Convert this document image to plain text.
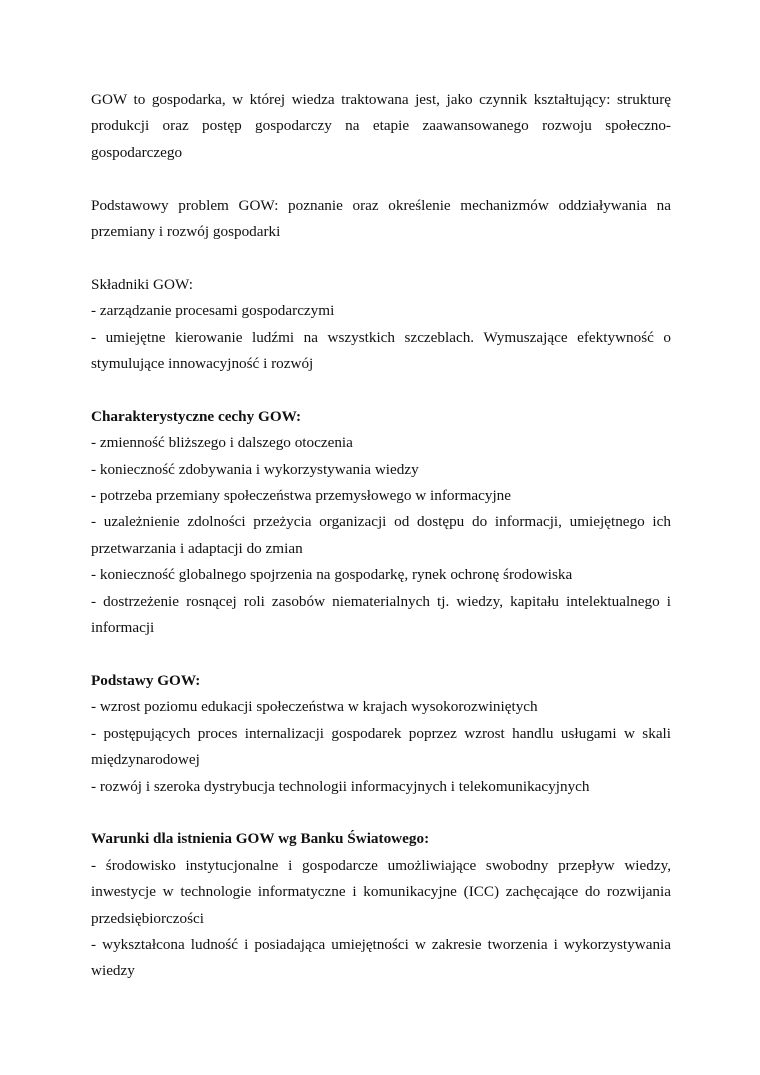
GOW to gospodarka, w której wiedza traktowana jest, jako czynnik kształtujący: strukturę produkcji oraz postęp gospodarczy na etapie zaawansowanego rozwoju społeczno-gospodarczego

Podstawowy problem GOW: poznanie oraz określenie mechanizmów oddziaływania na przemiany i rozwój gospodarki

Składniki GOW:

- zarządzanie procesami gospodarczymi
- umiejętne kierowanie ludźmi na wszystkich szczeblach. Wymuszające efektywność o stymulujące innowacyjność i rozwój

Charakterystyczne cechy GOW:

- zmienność bliższego i dalszego otoczenia
- konieczność zdobywania i wykorzystywania wiedzy
- potrzeba przemiany społeczeństwa przemysłowego w informacyjne
- uzależnienie zdolności przeżycia organizacji od dostępu do informacji, umiejętnego ich przetwarzania i adaptacji do zmian
- konieczność globalnego spojrzenia na gospodarkę, rynek ochronę środowiska
- dostrzeżenie rosnącej roli zasobów niematerialnych tj. wiedzy, kapitału intelektualnego i informacji

Podstawy GOW:

- wzrost poziomu edukacji społeczeństwa w krajach wysokorozwiniętych
- postępujących proces internalizacji gospodarek poprzez wzrost handlu usługami w skali międzynarodowej
- rozwój i szeroka dystrybucja technologii informacyjnych i telekomunikacyjnych

Warunki dla istnienia GOW wg Banku Światowego:

- środowisko instytucjonalne i gospodarcze umożliwiające swobodny przepływ wiedzy, inwestycje w technologie informatyczne i komunikacyjne (ICC) zachęcające do rozwijania przedsiębiorczości
- wykształcona ludność i posiadająca umiejętności w zakresie tworzenia i wykorzystywania wiedzy
